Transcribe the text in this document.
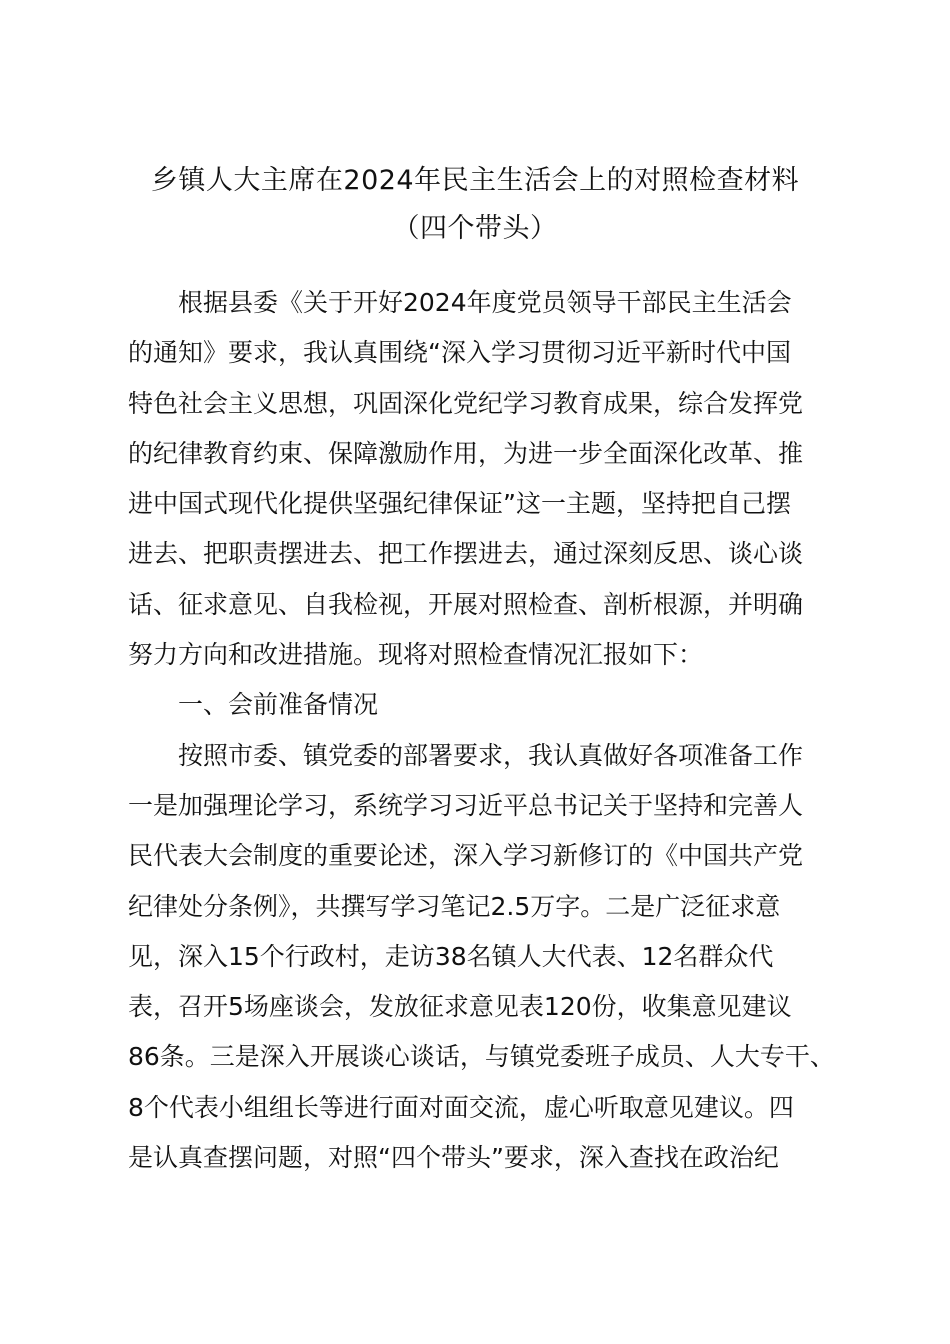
乡镇人大主席在2024年民主生活会上的对照检查材料
（四个带头）
根据县委《关于开好2024年度党员领导干部民主生活会
的通知》要求，我认真围绕“深入学习贯彻习近平新时代中国
特色社会主义思想，巩固深化党纪学习教育成果，综合发挥党
的纪律教育约束、保障激励作用，为进一步全面深化改革、推
进中国式现代化提供坚强纪律保证”这一主题，坚持把自己摆
进去、把职责摆进去、把工作摆进去，通过深刻反思、谈心谈
话、征求意见、自我检视，开展对照检查、剖析根源，并明确
努力方向和改进措施。现将对照检查情况汇报如下：
一、会前准备情况
按照市委、镇党委的部署要求，我认真做好各项准备工作
一是加强理论学习，系统学习习近平总书记关于坚持和完善人
民代表大会制度的重要论述，深入学习新修订的《中国共产党
纪律处分条例》，共撰写学习笔记2.5万字。二是广泛征求意
见，深入15个行政村，走访38名镇人大代表、12名群众代
表，召开5场座谈会，发放征求意见表120份，收集意见建议
86条。三是深入开展谈心谈话，与镇党委班子成员、人大专干、
8个代表小组组长等进行面对面交流，虚心听取意见建议。四
是认真查摆问题，对照“四个带头”要求，深入查找在政治纪
